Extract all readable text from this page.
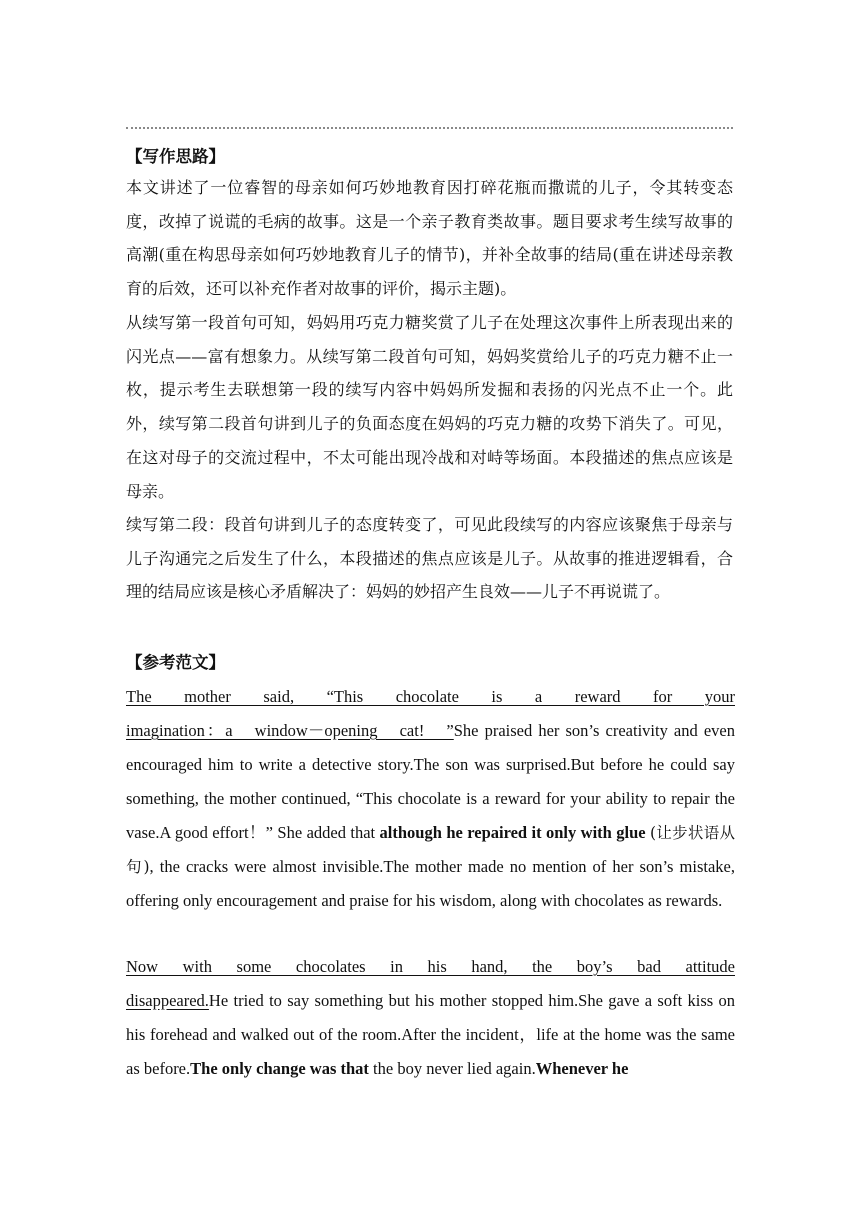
【写作思路】

本文讲述了一位睿智的母亲如何巧妙地教育因打碎花瓶而撒谎的儿子，令其转变态度，改掉了说谎的毛病的故事。这是一个亲子教育类故事。题目要求考生续写故事的高潮(重在构思母亲如何巧妙地教育儿子的情节)，并补全故事的结局(重在讲述母亲教育的后效，还可以补充作者对故事的评价，揭示主题)。

从续写第一段首句可知，妈妈用巧克力糖奖赏了儿子在处理这次事件上所表现出来的闪光点——富有想象力。从续写第二段首句可知，妈妈奖赏给儿子的巧克力糖不止一枚，提示考生去联想第一段的续写内容中妈妈所发掘和表扬的闪光点不止一个。此外，续写第二段首句讲到儿子的负面态度在妈妈的巧克力糖的攻势下消失了。可见，在这对母子的交流过程中，不太可能出现冷战和对峙等场面。本段描述的焦点应该是母亲。

续写第二段：段首句讲到儿子的态度转变了，可见此段续写的内容应该聚焦于母亲与儿子沟通完之后发生了什么，本段描述的焦点应该是儿子。从故事的推进逻辑看，合理的结局应该是核心矛盾解决了：妈妈的妙招产生良效——儿子不再说谎了。

【参考范文】

The mother said, “This chocolate is a reward for your imagination：a window－opening cat! ”She praised her son’s creativity and even encouraged him to write a detective story.The son was surprised.But before he could say something, the mother continued, “This chocolate is a reward for your ability to repair the vase.A good effort！” She added that although he repaired it only with glue (让步状语从句), the cracks were almost invisible.The mother made no mention of her son’s mistake, offering only encouragement and praise for his wisdom, along with chocolates as rewards.

Now with some chocolates in his hand, the boy’s bad attitude disappeared.He tried to say something but his mother stopped him.She gave a soft kiss on his forehead and walked out of the room.After the incident，life at the home was the same as before.The only change was that the boy never lied again.Whenever he
